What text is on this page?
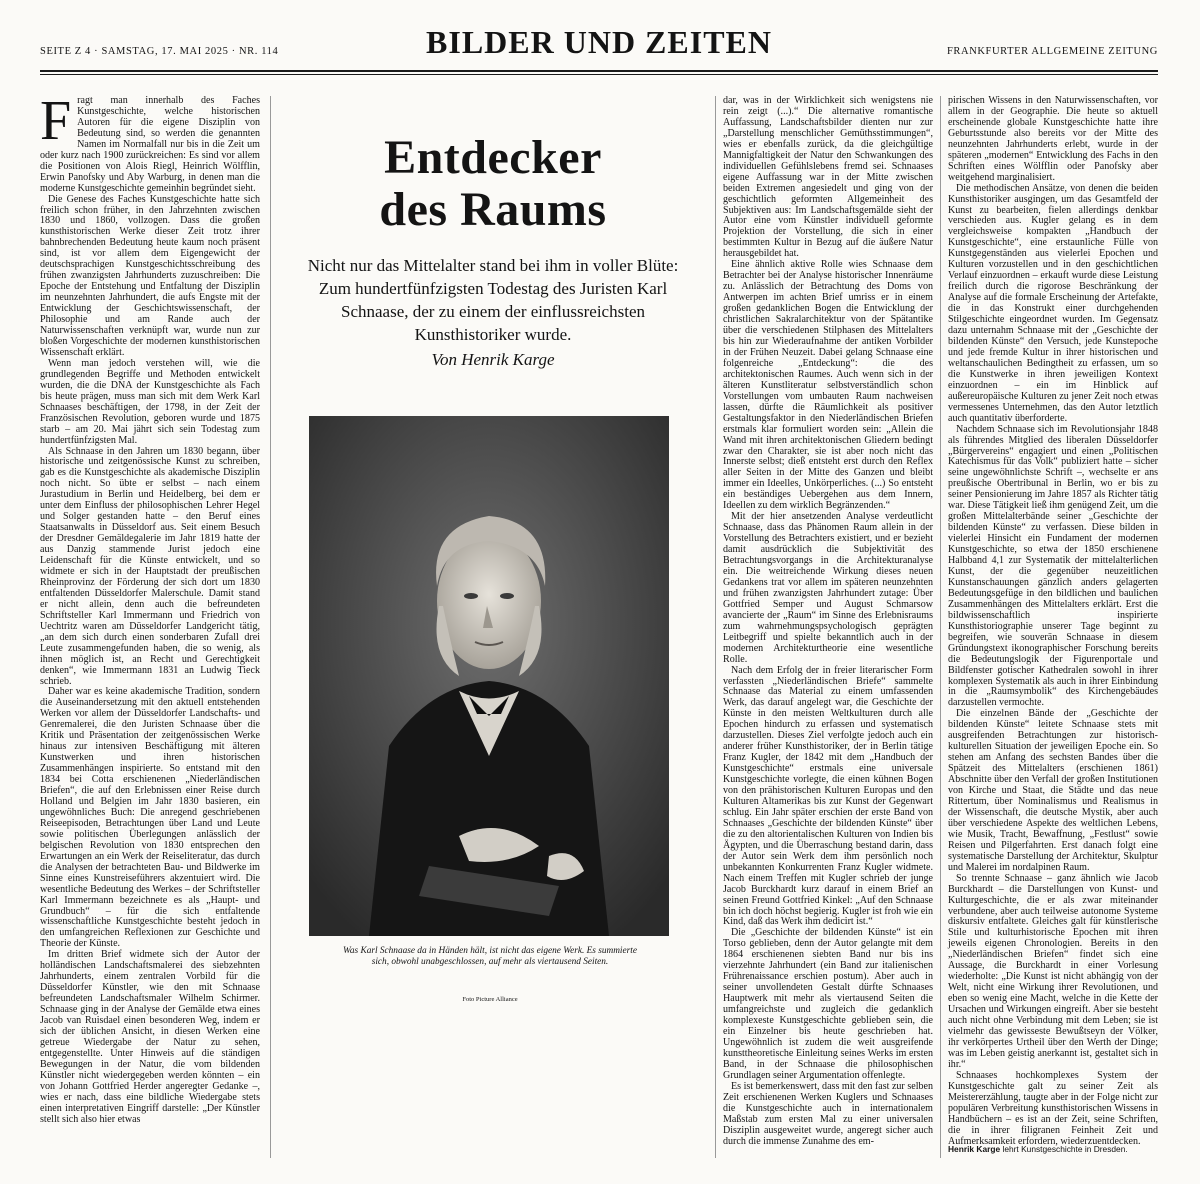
SEITE Z 4 · SAMSTAG, 17. MAI 2025 · NR. 114	BILDER UND ZEITEN	FRANKFURTER ALLGEMEINE ZEITUNG

Fragt man innerhalb des Faches Kunstgeschichte, welche historischen Autoren für die eigene Disziplin von Bedeutung sind, so werden die genannten Namen im Normalfall nur bis in die Zeit um oder kurz nach 1900 zurückreichen: Es sind vor allem die Positionen von Alois Riegl, Heinrich Wölfflin, Erwin Panofsky und Aby Warburg, in denen man die moderne Kunstgeschichte gemeinhin begründet sieht.

Die Genese des Faches Kunstgeschichte hatte sich freilich schon früher, in den Jahrzehnten zwischen 1830 und 1860, vollzogen. Dass die großen kunsthistorischen Werke dieser Zeit trotz ihrer bahnbrechenden Bedeutung heute kaum noch präsent sind, ist vor allem dem Eigengewicht der deutschsprachigen Kunstgeschichtsschreibung des frühen zwanzigsten Jahrhunderts zuzuschreiben: Die Epoche der Entstehung und Entfaltung der Disziplin im neunzehnten Jahrhundert, die aufs Engste mit der Entwicklung der Geschichtswissenschaft, der Philosophie und am Rande auch der Naturwissenschaften verknüpft war, wurde nun zur bloßen Vorgeschichte der modernen kunsthistorischen Wissenschaft erklärt.

Wenn man jedoch verstehen will, wie die grundlegenden Begriffe und Methoden entwickelt wurden, die die DNA der Kunstgeschichte als Fach bis heute prägen, muss man sich mit dem Werk Karl Schnaases beschäftigen, der 1798, in der Zeit der Französischen Revolution, geboren wurde und 1875 starb – am 20. Mai jährt sich sein Todestag zum hundertfünfzigsten Mal.

Als Schnaase in den Jahren um 1830 begann, über historische und zeitgenössische Kunst zu schreiben, gab es die Kunstgeschichte als akademische Disziplin noch nicht. So übte er selbst – nach einem Jurastudium in Berlin und Heidelberg, bei dem er unter dem Einfluss der philosophischen Lehrer Hegel und Solger gestanden hatte – den Beruf eines Staatsanwalts in Düsseldorf aus. Seit einem Besuch der Dresdner Gemäldegalerie im Jahr 1819 hatte der aus Danzig stammende Jurist jedoch eine Leidenschaft für die Künste entwickelt, und so widmete er sich in der Hauptstadt der preußischen Rheinprovinz der Förderung der sich dort um 1830 entfaltenden Düsseldorfer Malerschule. Damit stand er nicht allein, denn auch die befreundeten Schriftsteller Karl Immermann und Friedrich von Uechtritz waren am Düsseldorfer Landgericht tätig, „an dem sich durch einen sonderbaren Zufall drei Leute zusammengefunden haben, die so wenig, als ihnen möglich ist, an Recht und Gerechtigkeit denken“, wie Immermann 1831 an Ludwig Tieck schrieb.

Daher war es keine akademische Tradition, sondern die Auseinandersetzung mit den aktuell entstehenden Werken vor allem der Düsseldorfer Landschafts- und Genremalerei, die den Juristen Schnaase über die Kritik und Präsentation der zeitgenössischen Werke hinaus zur intensiven Beschäftigung mit älteren Kunstwerken und ihren historischen Zusammenhängen inspirierte. So entstand mit den 1834 bei Cotta erschienenen „Niederländischen Briefen“, die auf den Erlebnissen einer Reise durch Holland und Belgien im Jahr 1830 basieren, ein ungewöhnliches Buch: Die anregend geschriebenen Reiseepisoden, Betrachtungen über Land und Leute sowie politischen Überlegungen anlässlich der belgischen Revolution von 1830 entsprechen den Erwartungen an ein Werk der Reiseliteratur, das durch die Analysen der betrachteten Bau- und Bildwerke im Sinne eines Kunstreiseführers akzentuiert wird. Die wesentliche Bedeutung des Werkes – der Schriftsteller Karl Immermann bezeichnete es als „Haupt- und Grundbuch“ – für die sich entfaltende wissenschaftliche Kunstgeschichte besteht jedoch in den umfangreichen Reflexionen zur Geschichte und Theorie der Künste.

Im dritten Brief widmete sich der Autor der holländischen Landschaftsmalerei des siebzehnten Jahrhunderts, einem zentralen Vorbild für die Düsseldorfer Künstler, wie den mit Schnaase befreundeten Landschaftsmaler Wilhelm Schirmer. Schnaase ging in der Analyse der Gemälde etwa eines Jacob van Ruisdael einen besonderen Weg, indem er sich der üblichen Ansicht, in diesen Werken eine getreue Wiedergabe der Natur zu sehen, entgegenstellte. Unter Hinweis auf die ständigen Bewegungen in der Natur, die vom bildenden Künstler nicht wiedergegeben werden könnten – ein von Johann Gottfried Herder angeregter Gedanke –, wies er nach, dass eine bildliche Wiedergabe stets einen interpretativen Eingriff darstelle: „Der Künstler stellt sich also hier etwas

Entdecker
des Raums
Nicht nur das Mittelalter stand bei ihm in voller Blüte: Zum hundertfünfzigsten Todestag des Juristen Karl Schnaase, der zu einem der einflussreichsten Kunsthistoriker wurde.
Von Henrik Karge
Was Karl Schnaase da in Händen hält, ist nicht das eigene Werk. Es summierte sich, obwohl unabgeschlossen, auf mehr als viertausend Seiten.
Foto Picture Alliance

dar, was in der Wirklichkeit sich wenigstens nie rein zeigt (...).“ Die alternative romantische Auffassung, Landschaftsbilder dienten nur zur „Darstellung menschlicher Gemüthsstimmungen“, wies er ebenfalls zurück, da die gleichgültige Mannigfaltigkeit der Natur den Schwankungen des individuellen Gefühlslebens fremd sei. Schnaases eigene Auffassung war in der Mitte zwischen beiden Extremen angesiedelt und ging von der geschichtlich geformten Allgemeinheit des Subjektiven aus: Im Landschaftsgemälde sieht der Autor eine vom Künstler individuell geformte Projektion der Vorstellung, die sich in einer bestimmten Kultur in Bezug auf die äußere Natur herausgebildet hat.

Eine ähnlich aktive Rolle wies Schnaase dem Betrachter bei der Analyse historischer Innenräume zu. Anlässlich der Betrachtung des Doms von Antwerpen im achten Brief umriss er in einem großen gedanklichen Bogen die Entwicklung der christlichen Sakralarchitektur von der Spätantike über die verschiedenen Stilphasen des Mittelalters bis hin zur Wiederaufnahme der antiken Vorbilder in der Frühen Neuzeit. Dabei gelang Schnaase eine folgenreiche „Entdeckung“: die des architektonischen Raumes. Auch wenn sich in der älteren Kunstliteratur selbstverständlich schon Vorstellungen vom umbauten Raum nachweisen lassen, dürfte die Räumlichkeit als positiver Gestaltungsfaktor in den Niederländischen Briefen erstmals klar formuliert worden sein: „Allein die Wand mit ihren architektonischen Gliedern bedingt zwar den Charakter, sie ist aber noch nicht das Innerste selbst; dieß entsteht erst durch den Reflex aller Seiten in der Mitte des Ganzen und bleibt immer ein Ideelles, Unkörperliches. (...) So entsteht ein beständiges Uebergehen aus dem Innern, Ideellen zu dem wirklich Begränzenden.“

Mit der hier ansetzenden Analyse verdeutlicht Schnaase, dass das Phänomen Raum allein in der Vorstellung des Betrachters existiert, und er bezieht damit ausdrücklich die Subjektivität des Betrachtungsvorgangs in die Architekturanalyse ein. Die weitreichende Wirkung dieses neuen Gedankens trat vor allem im späteren neunzehnten und frühen zwanzigsten Jahrhundert zutage: Über Gottfried Semper und August Schmarsow avancierte der „Raum“ im Sinne des Erlebnisraums zum wahrnehmungspsychologisch geprägten Leitbegriff und spielte bekanntlich auch in der modernen Architekturtheorie eine wesentliche Rolle.

Nach dem Erfolg der in freier literarischer Form verfassten „Niederländischen Briefe“ sammelte Schnaase das Material zu einem umfassenden Werk, das darauf angelegt war, die Geschichte der Künste in den meisten Weltkulturen durch alle Epochen hindurch zu erfassen und systematisch darzustellen. Dieses Ziel verfolgte jedoch auch ein anderer früher Kunsthistoriker, der in Berlin tätige Franz Kugler, der 1842 mit dem „Handbuch der Kunstgeschichte“ erstmals eine universale Kunstgeschichte vorlegte, die einen kühnen Bogen von den prähistorischen Kulturen Europas und den Kulturen Altamerikas bis zur Kunst der Gegenwart schlug. Ein Jahr später erschien der erste Band von Schnaases „Geschichte der bildenden Künste“ über die zu den altorientalischen Kulturen von Indien bis Ägypten, und die Überraschung bestand darin, dass der Autor sein Werk dem ihm persönlich noch unbekannten Konkurrenten Franz Kugler widmete. Nach einem Treffen mit Kugler schrieb der junge Jacob Burckhardt kurz darauf in einem Brief an seinen Freund Gottfried Kinkel: „Auf den Schnaase bin ich doch höchst begierig. Kugler ist froh wie ein Kind, daß das Werk ihm dedicirt ist.“

Die „Geschichte der bildenden Künste“ ist ein Torso geblieben, denn der Autor gelangte mit dem 1864 erschienenen siebten Band nur bis ins vierzehnte Jahrhundert (ein Band zur italienischen Frührenaissance erschien postum). Aber auch in seiner unvollendeten Gestalt dürfte Schnaases Hauptwerk mit mehr als viertausend Seiten die umfangreichste und zugleich die gedanklich komplexeste Kunstgeschichte geblieben sein, die ein Einzelner bis heute geschrieben hat. Ungewöhnlich ist zudem die weit ausgreifende kunsttheoretische Einleitung seines Werks im ersten Band, in der Schnaase die philosophischen Grundlagen seiner Argumentation offenlegte.

Es ist bemerkenswert, dass mit den fast zur selben Zeit erschienenen Werken Kuglers und Schnaases die Kunstgeschichte auch in internationalem Maßstab zum ersten Mal zu einer universalen Disziplin ausgeweitet wurde, angeregt sicher auch durch die immense Zunahme des em-

pirischen Wissens in den Naturwissenschaften, vor allem in der Geographie. Die heute so aktuell erscheinende globale Kunstgeschichte hatte ihre Geburtsstunde also bereits vor der Mitte des neunzehnten Jahrhunderts erlebt, wurde in der späteren „modernen“ Entwicklung des Fachs in den Schriften eines Wölfflin oder Panofsky aber weitgehend marginalisiert.

Die methodischen Ansätze, von denen die beiden Kunsthistoriker ausgingen, um das Gesamtfeld der Kunst zu bearbeiten, fielen allerdings denkbar verschieden aus. Kugler gelang es in dem vergleichsweise kompakten „Handbuch der Kunstgeschichte“, eine erstaunliche Fülle von Kunstgegenständen aus vielerlei Epochen und Kulturen vorzustellen und in den geschichtlichen Verlauf einzuordnen – erkauft wurde diese Leistung freilich durch die rigorose Beschränkung der Analyse auf die formale Erscheinung der Artefakte, die in das Konstrukt einer durchgehenden Stilgeschichte eingeordnet wurden. Im Gegensatz dazu unternahm Schnaase mit der „Geschichte der bildenden Künste“ den Versuch, jede Kunstepoche und jede fremde Kultur in ihrer historischen und weltanschaulichen Bedingtheit zu erfassen, um so die Kunstwerke in ihren jeweiligen Kontext einzuordnen – ein im Hinblick auf außereuropäische Kulturen zu jener Zeit noch etwas vermessenes Unternehmen, das den Autor letztlich auch quantitativ überforderte.

Nachdem Schnaase sich im Revolutionsjahr 1848 als führendes Mitglied des liberalen Düsseldorfer „Bürgervereins“ engagiert und einen „Politischen Katechismus für das Volk“ publiziert hatte – sicher seine ungewöhnlichste Schrift –, wechselte er ans preußische Obertribunal in Berlin, wo er bis zu seiner Pensionierung im Jahre 1857 als Richter tätig war. Diese Tätigkeit ließ ihm genügend Zeit, um die großen Mittelalterbände seiner „Geschichte der bildenden Künste“ zu verfassen. Diese bilden in vielerlei Hinsicht ein Fundament der modernen Kunstgeschichte, so etwa der 1850 erschienene Halbband 4,1 zur Systematik der mittelalterlichen Kunst, der die gegenüber neuzeitlichen Kunstanschauungen gänzlich anders gelagerten Bedeutungsgefüge in den bildlichen und baulichen Zusammenhängen des Mittelalters erklärt. Erst die bildwissenschaftlich inspirierte Kunsthistoriographie unserer Tage beginnt zu begreifen, wie souverän Schnaase in diesem Gründungstext ikonographischer Forschung bereits die Bedeutungslogik der Figurenportale und Bildfenster gotischer Kathedralen sowohl in ihrer komplexen Systematik als auch in ihrer Einbindung in die „Raumsymbolik“ des Kirchengebäudes darzustellen vermochte.

Die einzelnen Bände der „Geschichte der bildenden Künste“ leitete Schnaase stets mit ausgreifenden Betrachtungen zur historisch-kulturellen Situation der jeweiligen Epoche ein. So stehen am Anfang des sechsten Bandes über die Spätzeit des Mittelalters (erschienen 1861) Abschnitte über den Verfall der großen Institutionen von Kirche und Staat, die Städte und das neue Rittertum, über Nominalismus und Realismus in der Wissenschaft, die deutsche Mystik, aber auch über verschiedene Aspekte des weltlichen Lebens, wie Musik, Tracht, Bewaffnung, „Festlust“ sowie Reisen und Pilgerfahrten. Erst danach folgt eine systematische Darstellung der Architektur, Skulptur und Malerei im nordalpinen Raum.

So trennte Schnaase – ganz ähnlich wie Jacob Burckhardt – die Darstellungen von Kunst- und Kulturgeschichte, die er als zwar miteinander verbundene, aber auch teilweise autonome Systeme diskursiv entfaltete. Gleiches galt für künstlerische Stile und kulturhistorische Epochen mit ihren jeweils eigenen Chronologien. Bereits in den „Niederländischen Briefen“ findet sich eine Aussage, die Burckhardt in einer Vorlesung wiederholte: „Die Kunst ist nicht abhängig von der Welt, nicht eine Wirkung ihrer Revolutionen, und eben so wenig eine Macht, welche in die Kette der Ursachen und Wirkungen eingreift. Aber sie besteht auch nicht ohne Verbindung mit dem Leben; sie ist vielmehr das gewisseste Bewußtseyn der Völker, ihr verkörpertes Urtheil über den Werth der Dinge; was im Leben geistig anerkannt ist, gestaltet sich in ihr.“

Schnaases hochkomplexes System der Kunstgeschichte galt zu seiner Zeit als Meistererzählung, taugte aber in der Folge nicht zur populären Verbreitung kunsthistorischen Wissens in Handbüchern – es ist an der Zeit, seine Schriften, die in ihrer filigranen Feinheit Zeit und Aufmerksamkeit erfordern, wiederzuentdecken.

Henrik Karge lehrt Kunstgeschichte in Dresden.
